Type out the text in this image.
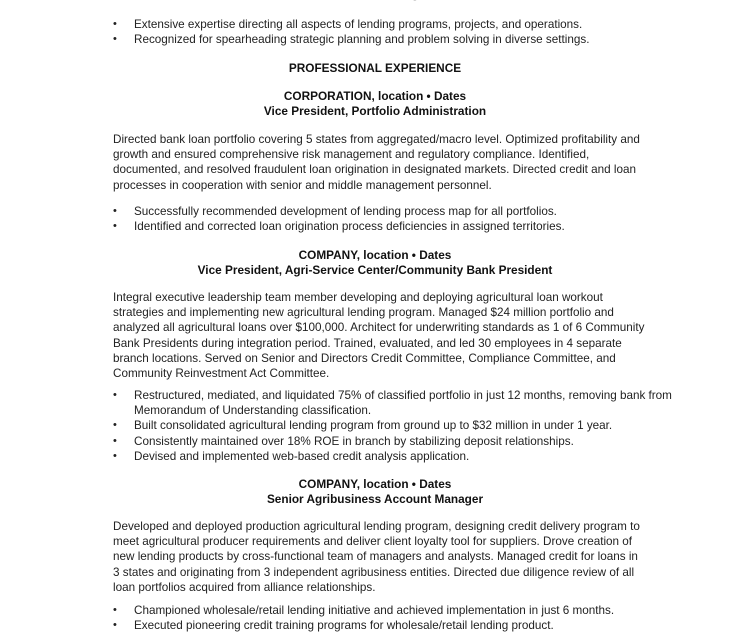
• Extensive expertise directing all aspects of lending programs, projects, and operations.
• Recognized for spearheading strategic planning and problem solving in diverse settings.
PROFESSIONAL EXPERIENCE
CORPORATION, location • Dates
Vice President, Portfolio Administration
Directed bank loan portfolio covering 5 states from aggregated/macro level. Optimized profitability and growth and ensured comprehensive risk management and regulatory compliance. Identified, documented, and resolved fraudulent loan origination in designated markets. Directed credit and loan processes in cooperation with senior and middle management personnel.
• Successfully recommended development of lending process map for all portfolios.
• Identified and corrected loan origination process deficiencies in assigned territories.
COMPANY, location • Dates
Vice President, Agri-Service Center/Community Bank President
Integral executive leadership team member developing and deploying agricultural loan workout strategies and implementing new agricultural lending program. Managed $24 million portfolio and analyzed all agricultural loans over $100,000. Architect for underwriting standards as 1 of 6 Community Bank Presidents during integration period. Trained, evaluated, and led 30 employees in 4 separate branch locations. Served on Senior and Directors Credit Committee, Compliance Committee, and Community Reinvestment Act Committee.
• Restructured, mediated, and liquidated 75% of classified portfolio in just 12 months, removing bank from Memorandum of Understanding classification.
• Built consolidated agricultural lending program from ground up to $32 million in under 1 year.
• Consistently maintained over 18% ROE in branch by stabilizing deposit relationships.
• Devised and implemented web-based credit analysis application.
COMPANY, location • Dates
Senior Agribusiness Account Manager
Developed and deployed production agricultural lending program, designing credit delivery program to meet agricultural producer requirements and deliver client loyalty tool for suppliers. Drove creation of new lending products by cross-functional team of managers and analysts. Managed credit for loans in 3 states and originating from 3 independent agribusiness entities. Directed due diligence review of all loan portfolios acquired from alliance relationships.
• Championed wholesale/retail lending initiative and achieved implementation in just 6 months.
• Executed pioneering credit training programs for wholesale/retail lending product.
